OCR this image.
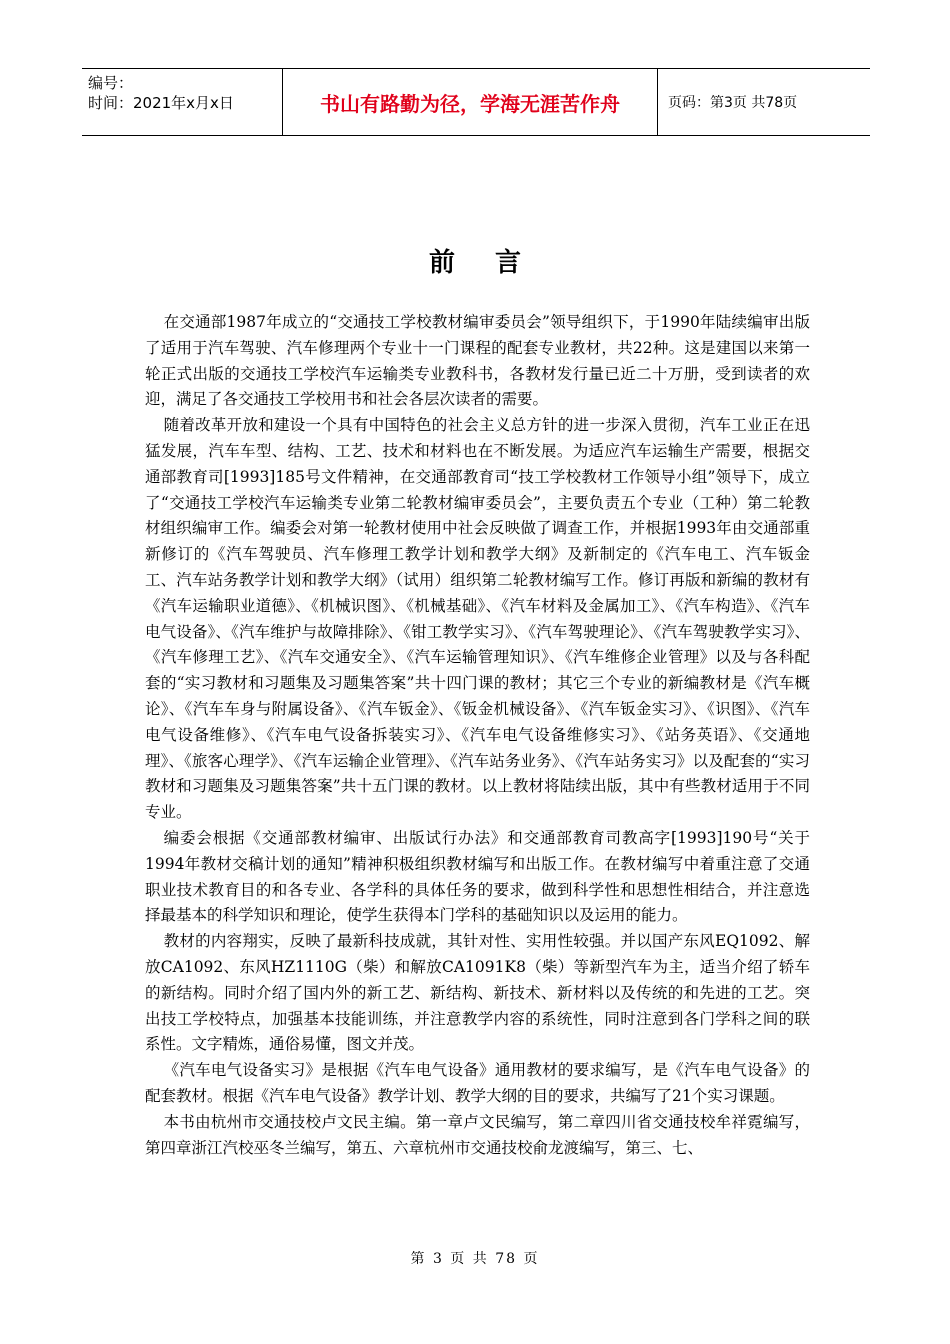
编号：
时间：2021年x月x日	书山有路勤为径，学海无涯苦作舟	页码：第3页 共78页
前言

在交通部1987年成立的“交通技工学校教材编审委员会”领导组织下，于1990年陆续编审出版了适用于汽车驾驶、汽车修理两个专业十一门课程的配套专业教材，共22种。这是建国以来第一轮正式出版的交通技工学校汽车运输类专业教科书，各教材发行量已近二十万册，受到读者的欢迎，满足了各交通技工学校用书和社会各层次读者的需要。

随着改革开放和建设一个具有中国特色的社会主义总方针的进一步深入贯彻，汽车工业正在迅猛发展，汽车车型、结构、工艺、技术和材料也在不断发展。为适应汽车运输生产需要，根据交通部教育司[1993]185号文件精神，在交通部教育司“技工学校教材工作领导小组”领导下，成立了“交通技工学校汽车运输类专业第二轮教材编审委员会”，主要负责五个专业（工种）第二轮教材组织编审工作。编委会对第一轮教材使用中社会反映做了调查工作，并根据1993年由交通部重新修订的《汽车驾驶员、汽车修理工教学计划和教学大纲》及新制定的《汽车电工、汽车钣金工、汽车站务教学计划和教学大纲》（试用）组织第二轮教材编写工作。修订再版和新编的教材有《汽车运输职业道德》、《机械识图》、《机械基础》、《汽车材料及金属加工》、《汽车构造》、《汽车电气设备》、《汽车维护与故障排除》、《钳工教学实习》、《汽车驾驶理论》、《汽车驾驶教学实习》、《汽车修理工艺》、《汽车交通安全》、《汽车运输管理知识》、《汽车维修企业管理》以及与各科配套的“实习教材和习题集及习题集答案”共十四门课的教材；其它三个专业的新编教材是《汽车概论》、《汽车车身与附属设备》、《汽车钣金》、《钣金机械设备》、《汽车钣金实习》、《识图》、《汽车电气设备维修》、《汽车电气设备拆装实习》、《汽车电气设备维修实习》、《站务英语》、《交通地理》、《旅客心理学》、《汽车运输企业管理》、《汽车站务业务》、《汽车站务实习》以及配套的“实习教材和习题集及习题集答案”共十五门课的教材。以上教材将陆续出版，其中有些教材适用于不同专业。

编委会根据《交通部教材编审、出版试行办法》和交通部教育司教高字[1993]190号“关于1994年教材交稿计划的通知”精神积极组织教材编写和出版工作。在教材编写中着重注意了交通职业技术教育目的和各专业、各学科的具体任务的要求，做到科学性和思想性相结合，并注意选择最基本的科学知识和理论，使学生获得本门学科的基础知识以及运用的能力。

教材的内容翔实，反映了最新科技成就，其针对性、实用性较强。并以国产东风EQ1092、解放CA1092、东风HZ1110G（柴）和解放CA1091K8（柴）等新型汽车为主，适当介绍了轿车的新结构。同时介绍了国内外的新工艺、新结构、新技术、新材料以及传统的和先进的工艺。突出技工学校特点，加强基本技能训练，并注意教学内容的系统性，同时注意到各门学科之间的联系性。文字精炼，通俗易懂，图文并茂。

《汽车电气设备实习》是根据《汽车电气设备》通用教材的要求编写，是《汽车电气设备》的配套教材。根据《汽车电气设备》教学计划、教学大纲的目的要求，共编写了21个实习课题。

本书由杭州市交通技校卢文民主编。第一章卢文民编写，第二章四川省交通技校牟祥霓编写，第四章浙江汽校巫冬兰编写，第五、六章杭州市交通技校俞龙渡编写，第三、七、

第 3 页 共 78 页
